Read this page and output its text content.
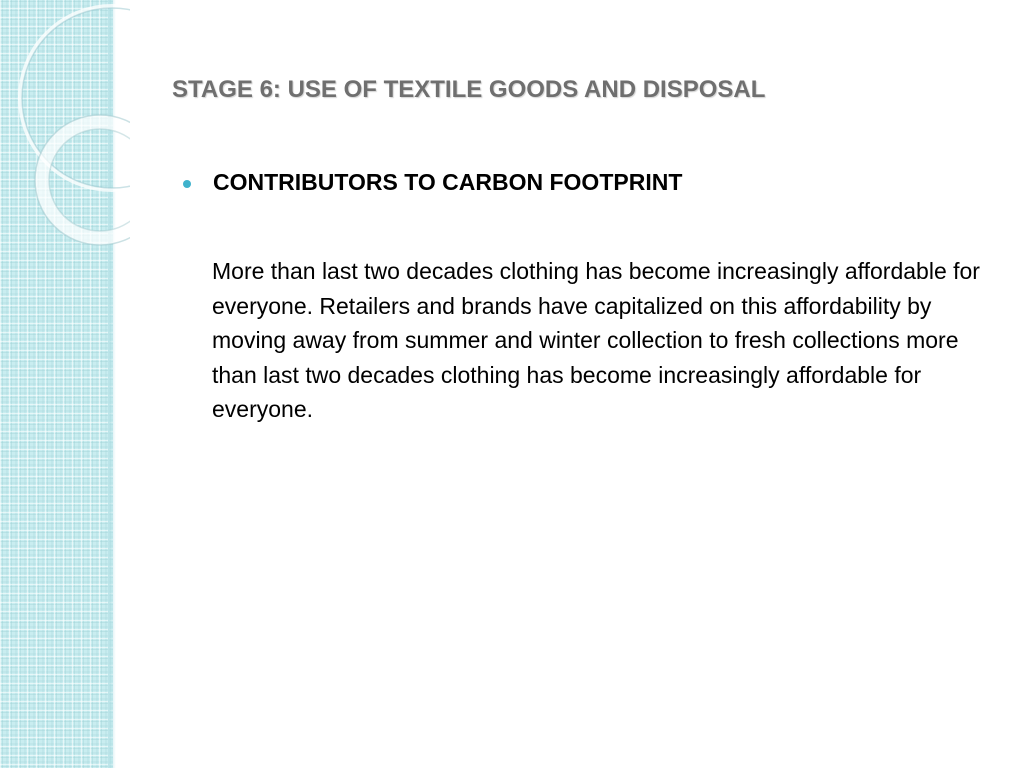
STAGE 6: USE OF TEXTILE GOODS AND DISPOSAL
CONTRIBUTORS TO CARBON FOOTPRINT

More than last two decades clothing has become increasingly affordable for everyone. Retailers and brands have capitalized on this affordability by moving away from summer and winter collection to fresh collections more than last two decades clothing has become increasingly affordable for everyone.
